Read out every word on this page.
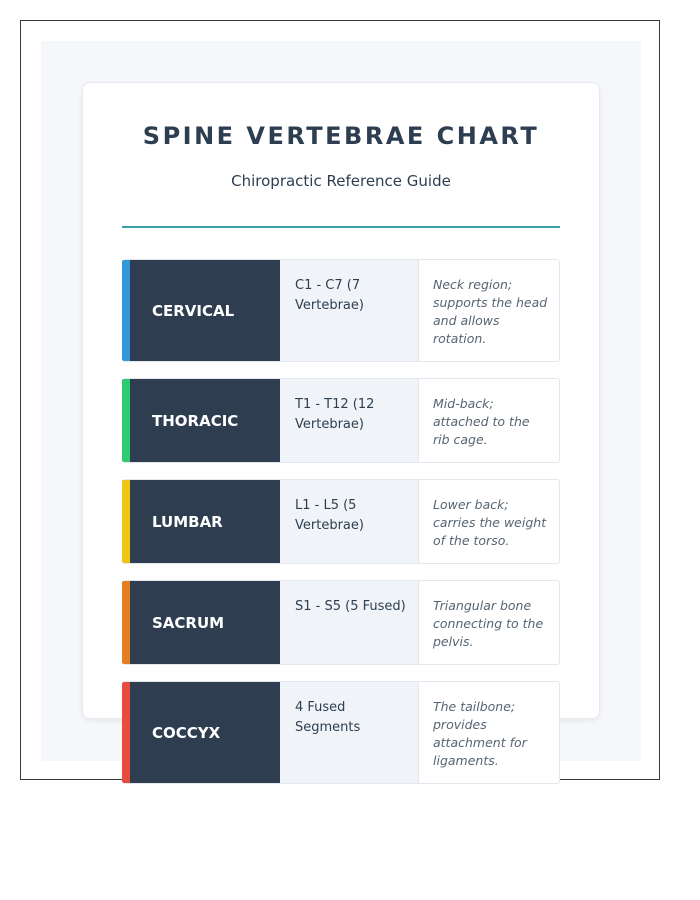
SPINE VERTEBRAE CHART

Chiropractic Reference Guide

CERVICAL
C1 - C7 (7 Vertebrae)
Neck region; supports the head and allows rotation.
THORACIC
T1 - T12 (12 Vertebrae)
Mid-back; attached to the rib cage.
LUMBAR
L1 - L5 (5 Vertebrae)
Lower back; carries the weight of the torso.
SACRUM
S1 - S5 (5 Fused)	Triangular bone connecting to the pelvis.
COCCYX
4 Fused Segments
The tailbone; provides attachment for ligaments.
